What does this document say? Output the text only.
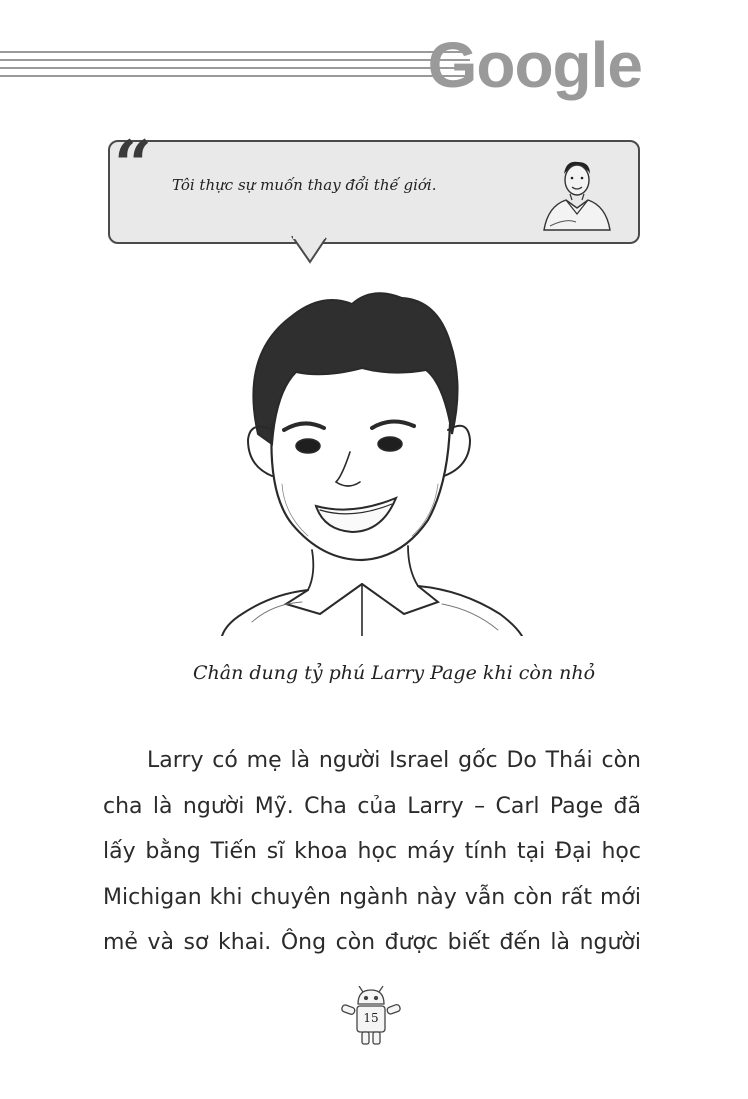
Google
“ Tôi thực sự muốn thay đổi thế giới.
Chân dung tỷ phú Larry Page khi còn nhỏ
Larry có mẹ là người Israel gốc Do Thái còn
cha là người Mỹ. Cha của Larry – Carl Page đã
lấy bằng Tiến sĩ khoa học máy tính tại Đại học
Michigan khi chuyên ngành này vẫn còn rất mới
mẻ và sơ khai. Ông còn được biết đến là người
15
